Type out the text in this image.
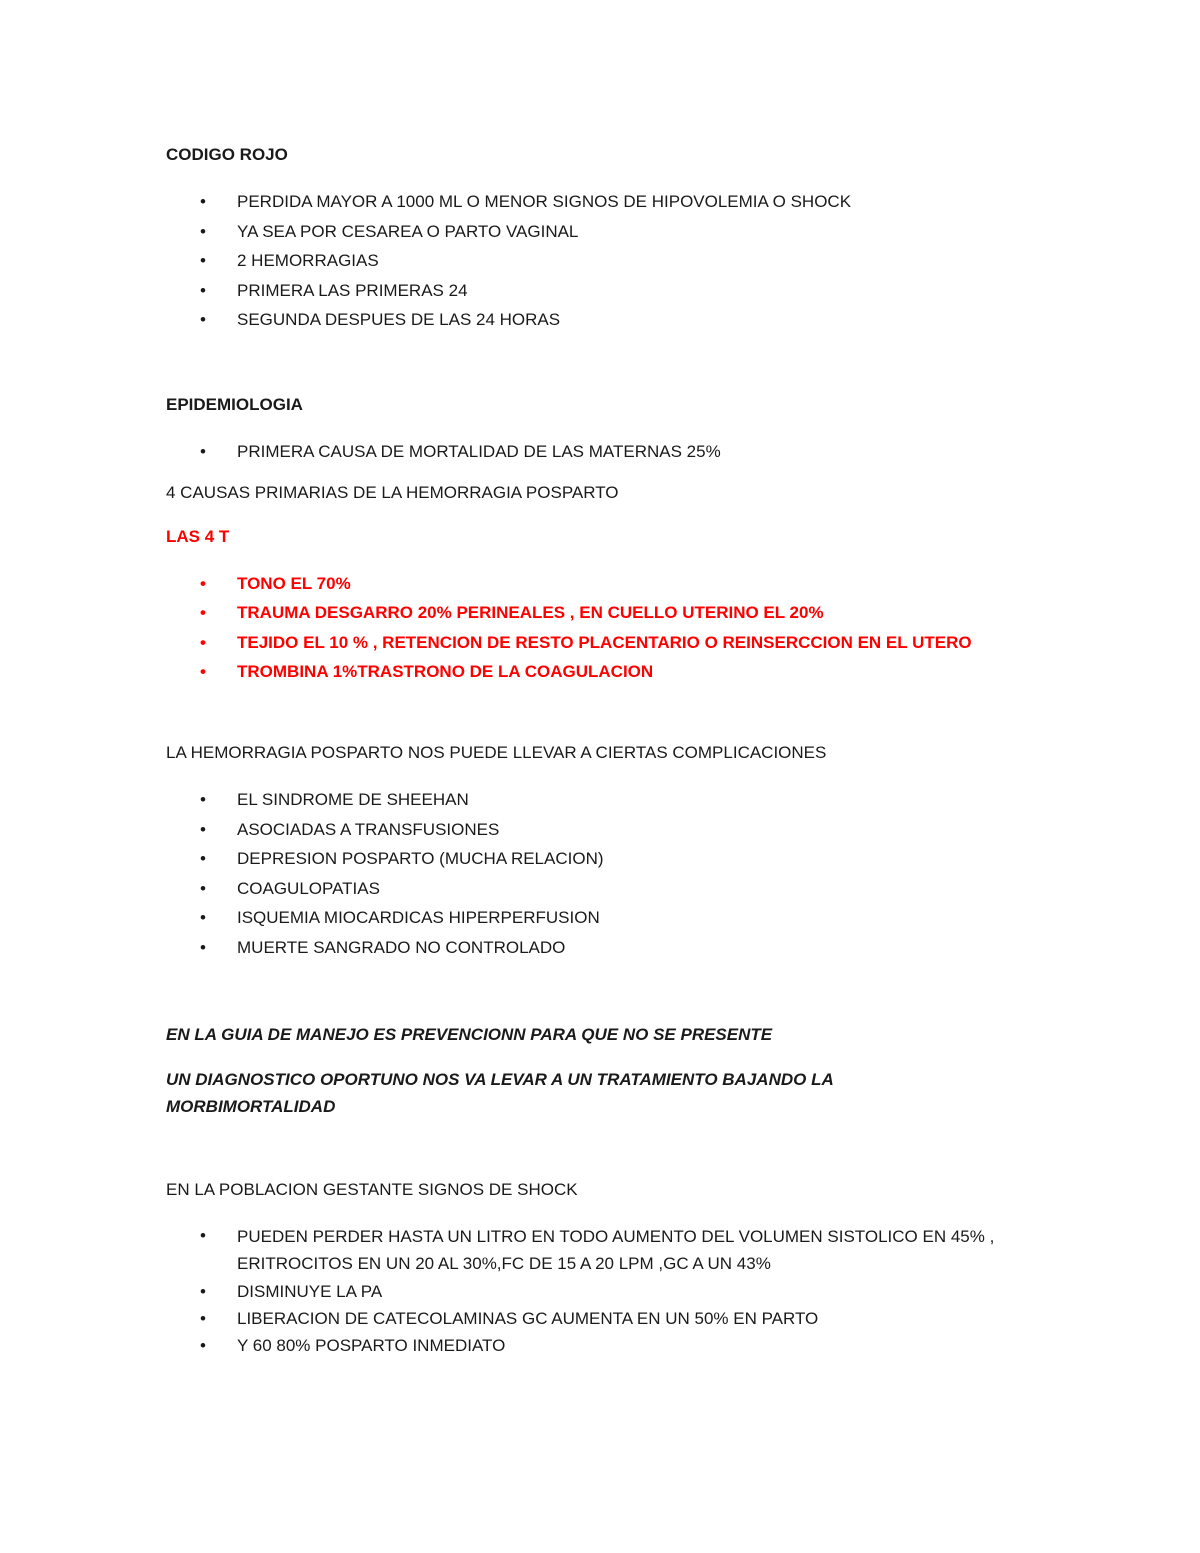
CODIGO ROJO

• PERDIDA MAYOR A 1000 ML O MENOR SIGNOS DE HIPOVOLEMIA O SHOCK
• YA SEA POR CESAREA O PARTO VAGINAL
• 2 HEMORRAGIAS
• PRIMERA LAS PRIMERAS 24
• SEGUNDA DESPUES DE LAS 24 HORAS

EPIDEMIOLOGIA

• PRIMERA CAUSA DE MORTALIDAD DE LAS MATERNAS 25%

4 CAUSAS PRIMARIAS DE LA HEMORRAGIA POSPARTO

LAS 4 T

• TONO EL 70%
• TRAUMA DESGARRO 20% PERINEALES , EN CUELLO UTERINO EL 20%
• TEJIDO EL 10 % , RETENCION DE RESTO PLACENTARIO O REINSERCCION EN EL UTERO
• TROMBINA 1%TRASTRONO DE LA COAGULACION

LA HEMORRAGIA POSPARTO NOS PUEDE LLEVAR A CIERTAS COMPLICACIONES

• EL SINDROME DE SHEEHAN
• ASOCIADAS A TRANSFUSIONES
• DEPRESION POSPARTO (MUCHA RELACION)
• COAGULOPATIAS
• ISQUEMIA MIOCARDICAS HIPERPERFUSION
• MUERTE SANGRADO NO CONTROLADO

EN LA GUIA DE MANEJO ES PREVENCIONN PARA QUE NO SE PRESENTE

UN DIAGNOSTICO OPORTUNO NOS VA LEVAR A UN TRATAMIENTO BAJANDO LA MORBIMORTALIDAD

EN LA POBLACION GESTANTE SIGNOS DE SHOCK

• PUEDEN PERDER HASTA UN LITRO EN TODO AUMENTO DEL VOLUMEN SISTOLICO EN 45% , ERITROCITOS EN UN 20 AL 30%,FC DE 15 A 20 LPM ,GC A UN 43%
• DISMINUYE LA PA
• LIBERACION DE CATECOLAMINAS GC AUMENTA EN UN 50% EN PARTO
• Y 60 80% POSPARTO INMEDIATO
